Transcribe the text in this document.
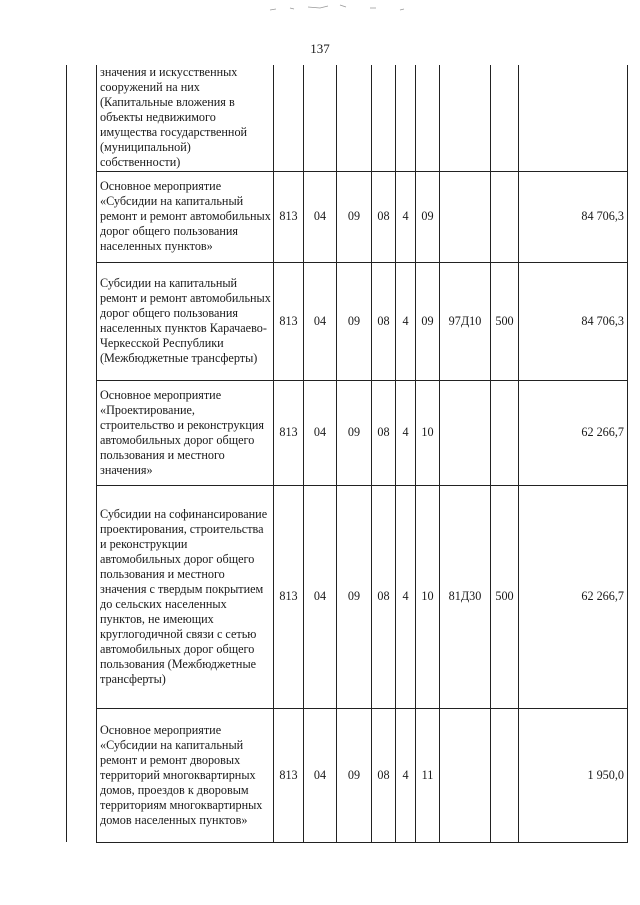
137
	значения и искусственных сооружений на них (Капитальные вложения в объекты недвижимого имущества государственной (муниципальной) собственности)									
	Основное мероприятие «Субсидии на капитальный ремонт и ремонт автомобильных дорог общего пользования населенных пунктов»	813	04	09	08	4	09			84 706,3
	Субсидии на капитальный ремонт и ремонт автомобильных дорог общего пользования населенных пунктов Карачаево-Черкесской Республики (Межбюджетные трансферты)	813	04	09	08	4	09	97Д10	500	84 706,3
	Основное мероприятие «Проектирование, строительство и реконструкция автомобильных дорог общего пользования и местного значения»	813	04	09	08	4	10			62 266,7
	Субсидии на софинансирование проектирования, строительства и реконструкции автомобильных дорог общего пользования и местного значения с твердым покрытием до сельских населенных пунктов, не имеющих круглогодичной связи с сетью автомобильных дорог общего пользования (Межбюджетные трансферты)	813	04	09	08	4	10	81Д30	500	62 266,7
	Основное мероприятие «Субсидии на капитальный ремонт и ремонт дворовых территорий многоквартирных домов, проездов к дворовым территориям многоквартирных домов населенных пунктов»	813	04	09	08	4	11			1 950,0
